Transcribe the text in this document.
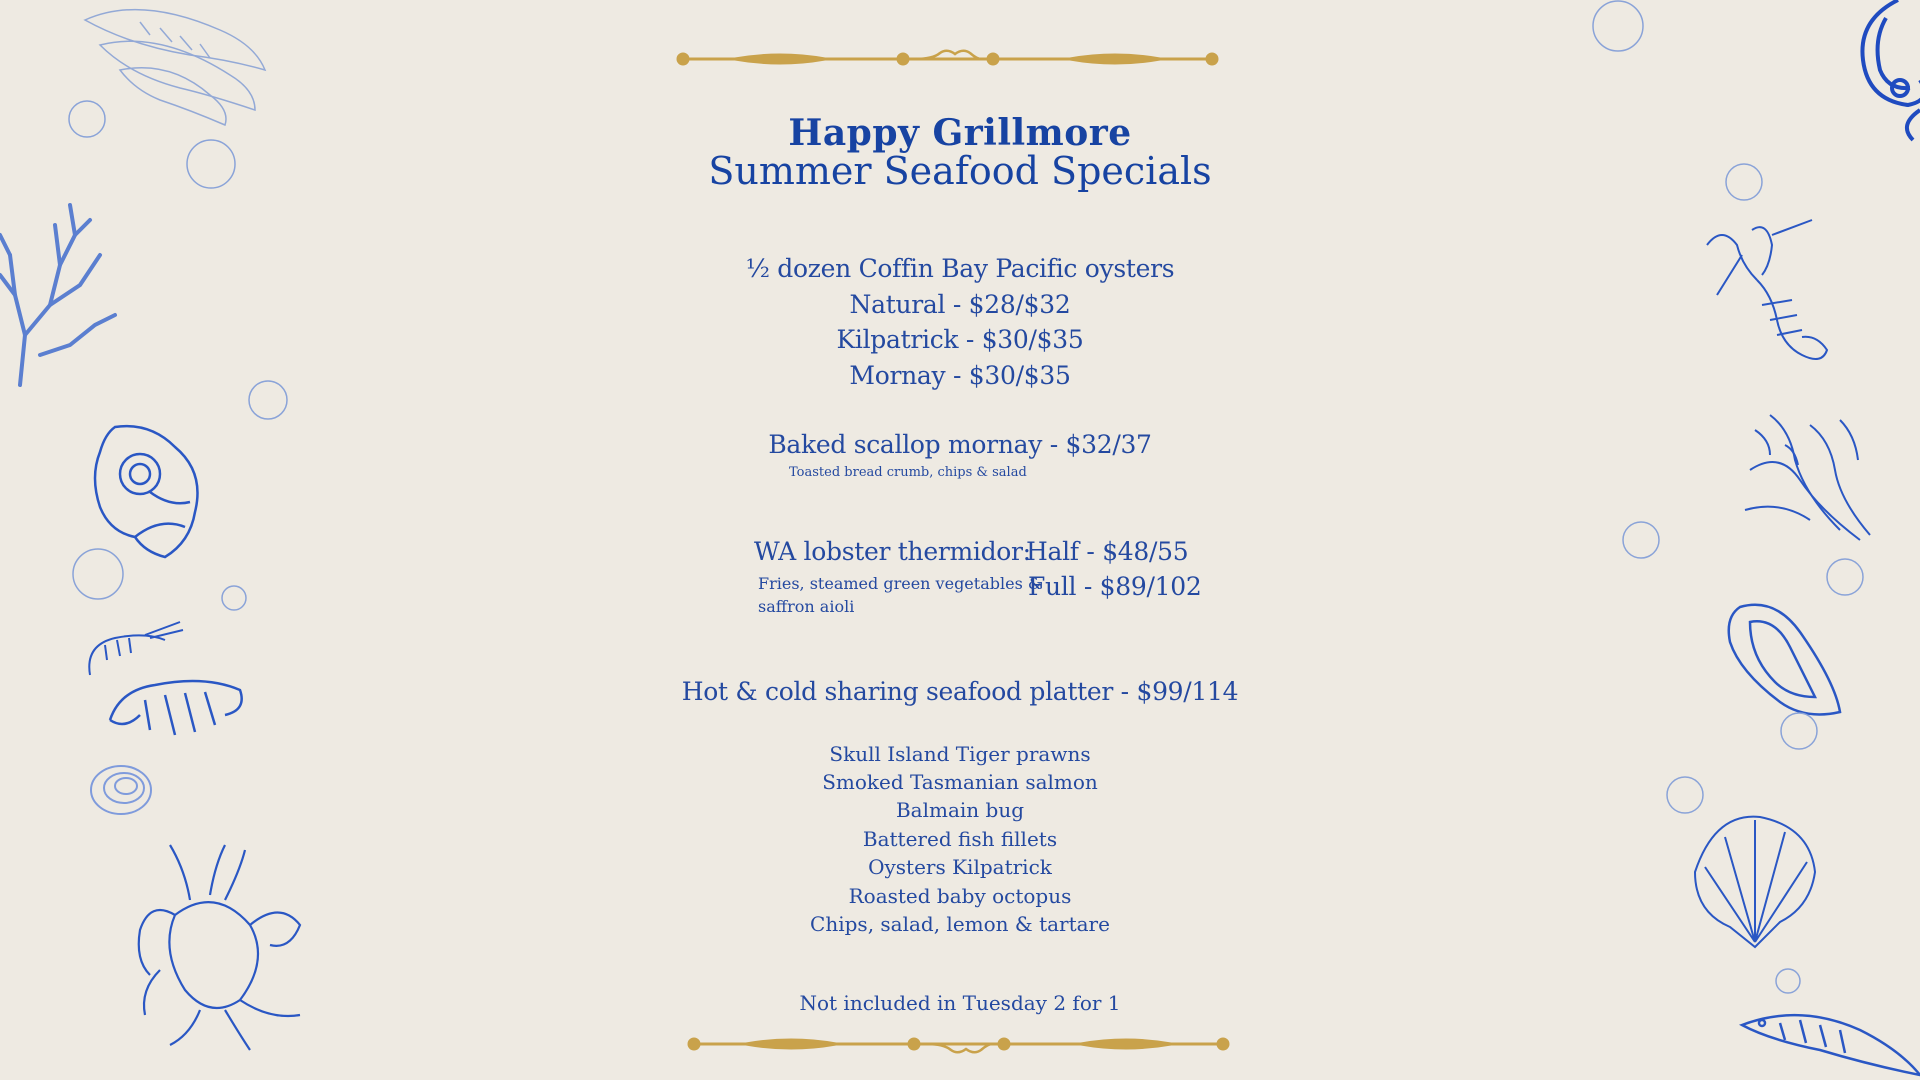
Happy Grillmore
Summer Seafood Specials
½ dozen Coffin Bay Pacific oysters
Natural - $28/$32
Kilpatrick - $30/$35
Mornay - $30/$35
Baked scallop mornay - $32/37
Toasted bread crumb, chips & salad
WA lobster thermidor:
Half - $48/55
Full - $89/102
Fries, steamed green vegetables &
saffron aioli
Hot & cold sharing seafood platter - $99/114
Skull Island Tiger prawns
Smoked Tasmanian salmon
Balmain bug
Battered fish fillets
Oysters Kilpatrick
Roasted baby octopus
Chips, salad, lemon & tartare
Not included in Tuesday 2 for 1
